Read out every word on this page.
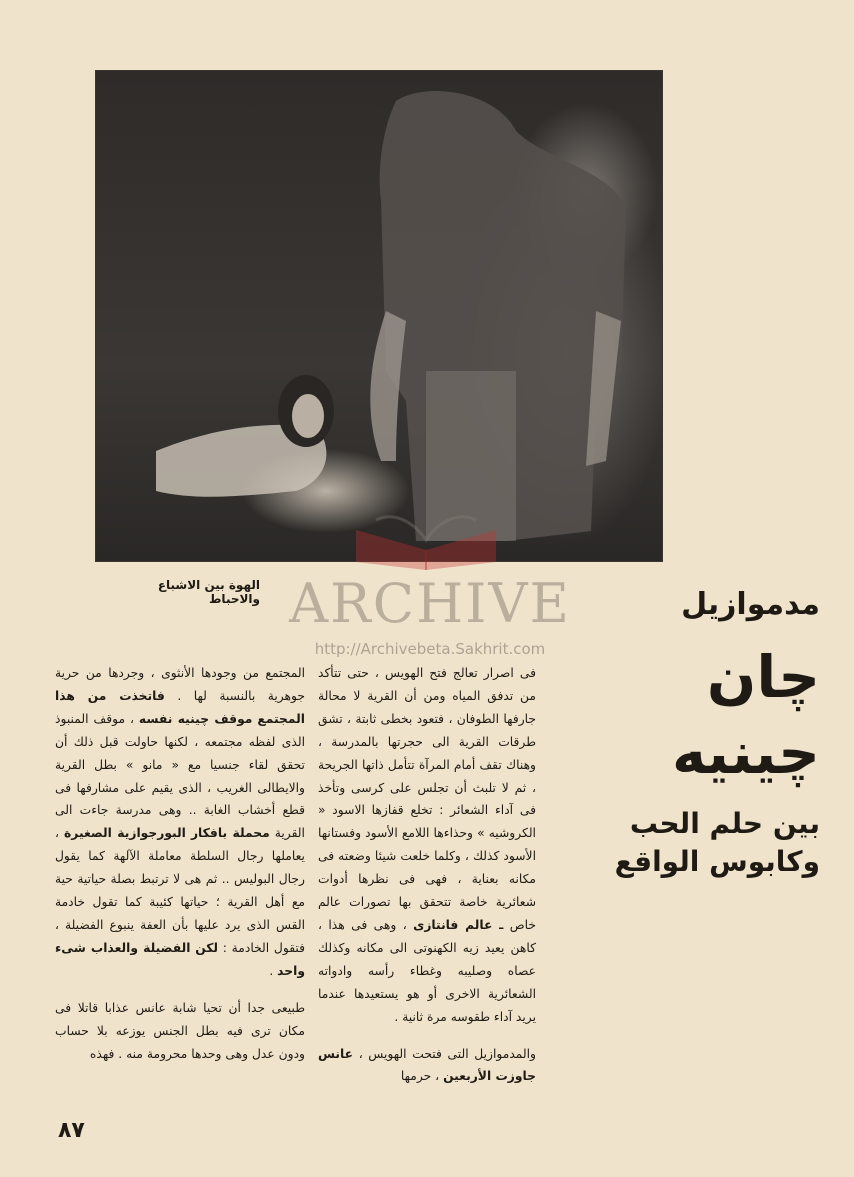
الهوة بين الاشباع والاحباط ARCHIVE
http://Archivebeta.Sakhrit.com
مدموازيل
چان چينيه
بين حلم الحب
وكابوس الواقع

فى اصرار تعالج فتح الهويس ، حتى تتأكد من تدفق المياه ومن أن القرية لا محالة جارفها الطوفان ، فتعود بخطى ثابتة ، تشق طرقات القرية الى حجرتها بالمدرسة ، وهناك تقف أمام المرآة تتأمل ذاتها الجريحة ، ثم لا تلبث أن تجلس على كرسى وتأخذ فى آداء الشعائر : تخلع قفازها الاسود « الكروشيه » وحذاءها اللامع الأسود وفستانها الأسود كذلك ، وكلما خلعت شيئا وضعته فى مكانه بعناية ، فهى فى نظرها أدوات شعائرية خاصة تتحقق بها تصورات عالم خاص ـ عالم فانتازى ، وهى فى هذا ، كاهن يعيد زيه الكهنوتى الى مكانه وكذلك عصاه وصليبه وغطاء رأسه وادواته الشعائرية الاخرى أو هو يستعيدها عندما يريد آداء طقوسه مرة ثانية .

والمدموازيل التى فتحت الهويس ، عانس جاوزت الأربعين ، حرمها

المجتمع من وجودها الأنثوى ، وجردها من حرية جوهرية بالنسبة لها . فاتخذت من هذا المجتمع موقف چينيه نفسه ، موقف المنبوذ الذى لفظه مجتمعه ، لكنها حاولت قبل ذلك أن تحقق لقاء جنسيا مع « مانو » بطل القرية والايطالى الغريب ، الذى يقيم على مشارفها فى قطع أخشاب الغابة .. وهى مدرسة جاءت الى القرية محملة بافكار البورجوازية الصغيرة ، يعاملها رجال السلطة معاملة الآلهة كما يقول رجال البوليس .. ثم هى لا ترتبط بصلة حياتية حية مع أهل القرية ؛ حياتها كئيبة كما تقول خادمة القس الذى يرد عليها بأن العفة ينبوع الفضيلة ، فتقول الخادمة : لكن الفضيلة والعذاب شىء واحد .

طبيعى جدا أن تحيا شابة عانس عذابا قاتلا فى مكان ترى فيه بطل الجنس يوزعه بلا حساب ودون عدل وهى وحدها محرومة منه . فهذه

٨٧
